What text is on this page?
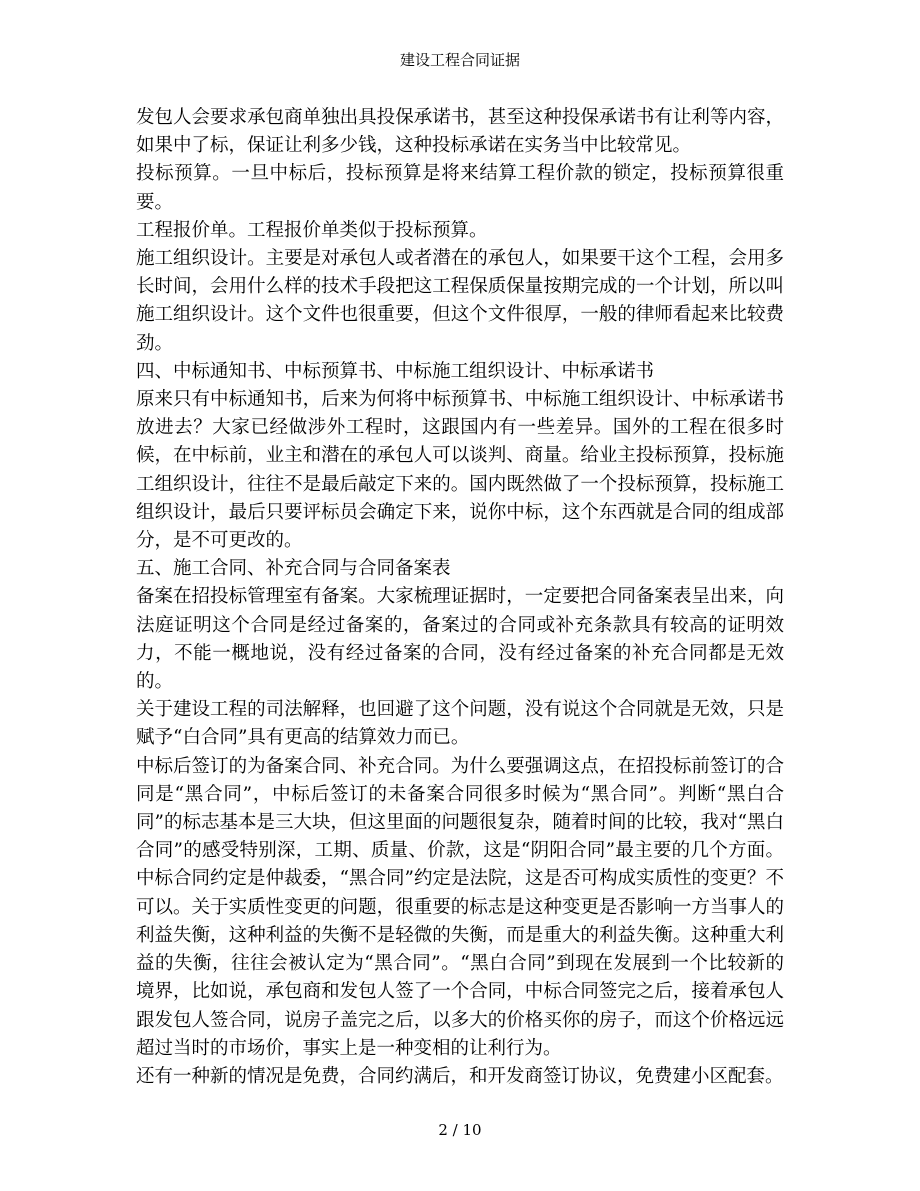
建设工程合同证据

发包人会要求承包商单独出具投保承诺书，甚至这种投保承诺书有让利等内容，如果中了标，保证让利多少钱，这种投标承诺在实务当中比较常见。

投标预算。一旦中标后，投标预算是将来结算工程价款的锁定，投标预算很重要。

工程报价单。工程报价单类似于投标预算。

施工组织设计。主要是对承包人或者潜在的承包人，如果要干这个工程，会用多长时间，会用什么样的技术手段把这工程保质保量按期完成的一个计划，所以叫施工组织设计。这个文件也很重要，但这个文件很厚，一般的律师看起来比较费劲。

四、中标通知书、中标预算书、中标施工组织设计、中标承诺书

原来只有中标通知书，后来为何将中标预算书、中标施工组织设计、中标承诺书放进去？大家已经做涉外工程时，这跟国内有一些差异。国外的工程在很多时候，在中标前，业主和潜在的承包人可以谈判、商量。给业主投标预算，投标施工组织设计，往往不是最后敲定下来的。国内既然做了一个投标预算，投标施工组织设计，最后只要评标员会确定下来，说你中标，这个东西就是合同的组成部分，是不可更改的。

五、施工合同、补充合同与合同备案表

备案在招投标管理室有备案。大家梳理证据时，一定要把合同备案表呈出来，向法庭证明这个合同是经过备案的，备案过的合同或补充条款具有较高的证明效力，不能一概地说，没有经过备案的合同，没有经过备案的补充合同都是无效的。

关于建设工程的司法解释，也回避了这个问题，没有说这个合同就是无效，只是赋予“白合同”具有更高的结算效力而已。

中标后签订的为备案合同、补充合同。为什么要强调这点，在招投标前签订的合同是“黑合同”，中标后签订的未备案合同很多时候为“黑合同”。判断“黑白合同”的标志基本是三大块，但这里面的问题很复杂，随着时间的比较，我对“黑白合同”的感受特别深，工期、质量、价款，这是“阴阳合同”最主要的几个方面。中标合同约定是仲裁委，“黑合同”约定是法院，这是否可构成实质性的变更？不可以。关于实质性变更的问题，很重要的标志是这种变更是否影响一方当事人的利益失衡，这种利益的失衡不是轻微的失衡，而是重大的利益失衡。这种重大利益的失衡，往往会被认定为“黑合同”。“黑白合同”到现在发展到一个比较新的境界，比如说，承包商和发包人签了一个合同，中标合同签完之后，接着承包人跟发包人签合同，说房子盖完之后，以多大的价格买你的房子，而这个价格远远超过当时的市场价，事实上是一种变相的让利行为。

还有一种新的情况是免费，合同约满后，和开发商签订协议，免费建小区配套。

2 / 10
